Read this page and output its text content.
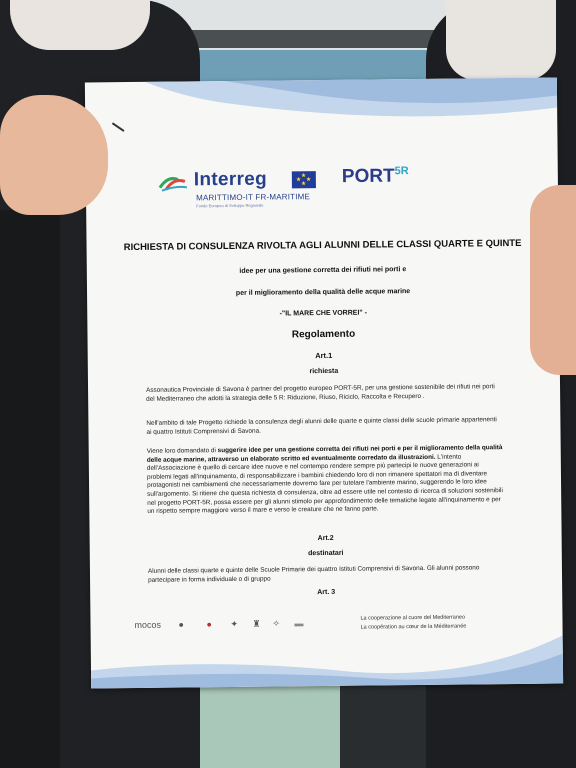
Interreg	★
★ ★
★
MARITTIMO-IT FR-MARITIME
Fondo Europeo di Sviluppo Regionale
$PORT^{5R}$
RICHIESTA DI CONSULENZA RIVOLTA AGLI ALUNNI DELLE CLASSI QUARTE E QUINTE
idee per una gestione corretta dei rifiuti nei porti e
per il miglioramento della qualità delle acque marine
-"IL MARE CHE VORREI" -
Regolamento
Art.1
richiesta
Assonautica Provinciale di Savona è partner del progetto europeo PORT-5R, per una gestione sostenibile dei rifiuti nei porti del Mediterraneo che adotti la strategia delle 5 R: Riduzione, Riuso, Riciclo, Raccolta e Recupero .
Nell'ambito di tale Progetto richiede la consulenza degli alunni delle quarte e quinte classi delle scuole primarie appartenenti ai quattro Istituti Comprensivi di Savona.
Viene loro domandato di suggerire idee per una gestione corretta dei rifiuti nei porti e per il miglioramento della qualità delle acque marine, attraverso un elaborato scritto ed eventualmente corredato da illustrazioni. L'intento dell'Associazione è quello di cercare idee nuove e nel contempo rendere sempre più partecipi le nuove generazioni ai problemi legati all'inquinamento, di responsabilizzare i bambini chiedendo loro di non rimanere spettatori ma di diventare protagonisti nei cambiamenti che necessariamente dovremo fare per tutelare l'ambiente marino, suggerendo le loro idee sull'argomento. Si ritiene che questa richiesta di consulenza, oltre ad essere utile nel contesto di ricerca di soluzioni sostenibili nel progetto PORT-5R, possa essere per gli alunni stimolo per approfondimento delle tematiche legate all'inquinamento e per un rispetto sempre maggiore verso il mare e verso le creature che ne fanno parte.
Art.2
destinatari
Alunni delle classi quarte e quinte delle Scuole Primarie dei quattro Istituti Comprensivi di Savona. Gli alunni possono partecipare in forma individuale o di gruppo
Art. 3
mocos ● ● ✦ ♜ ✧ ▬
La cooperazione al cuore del Mediterraneo
La coopération au cœur de la Méditerranée
